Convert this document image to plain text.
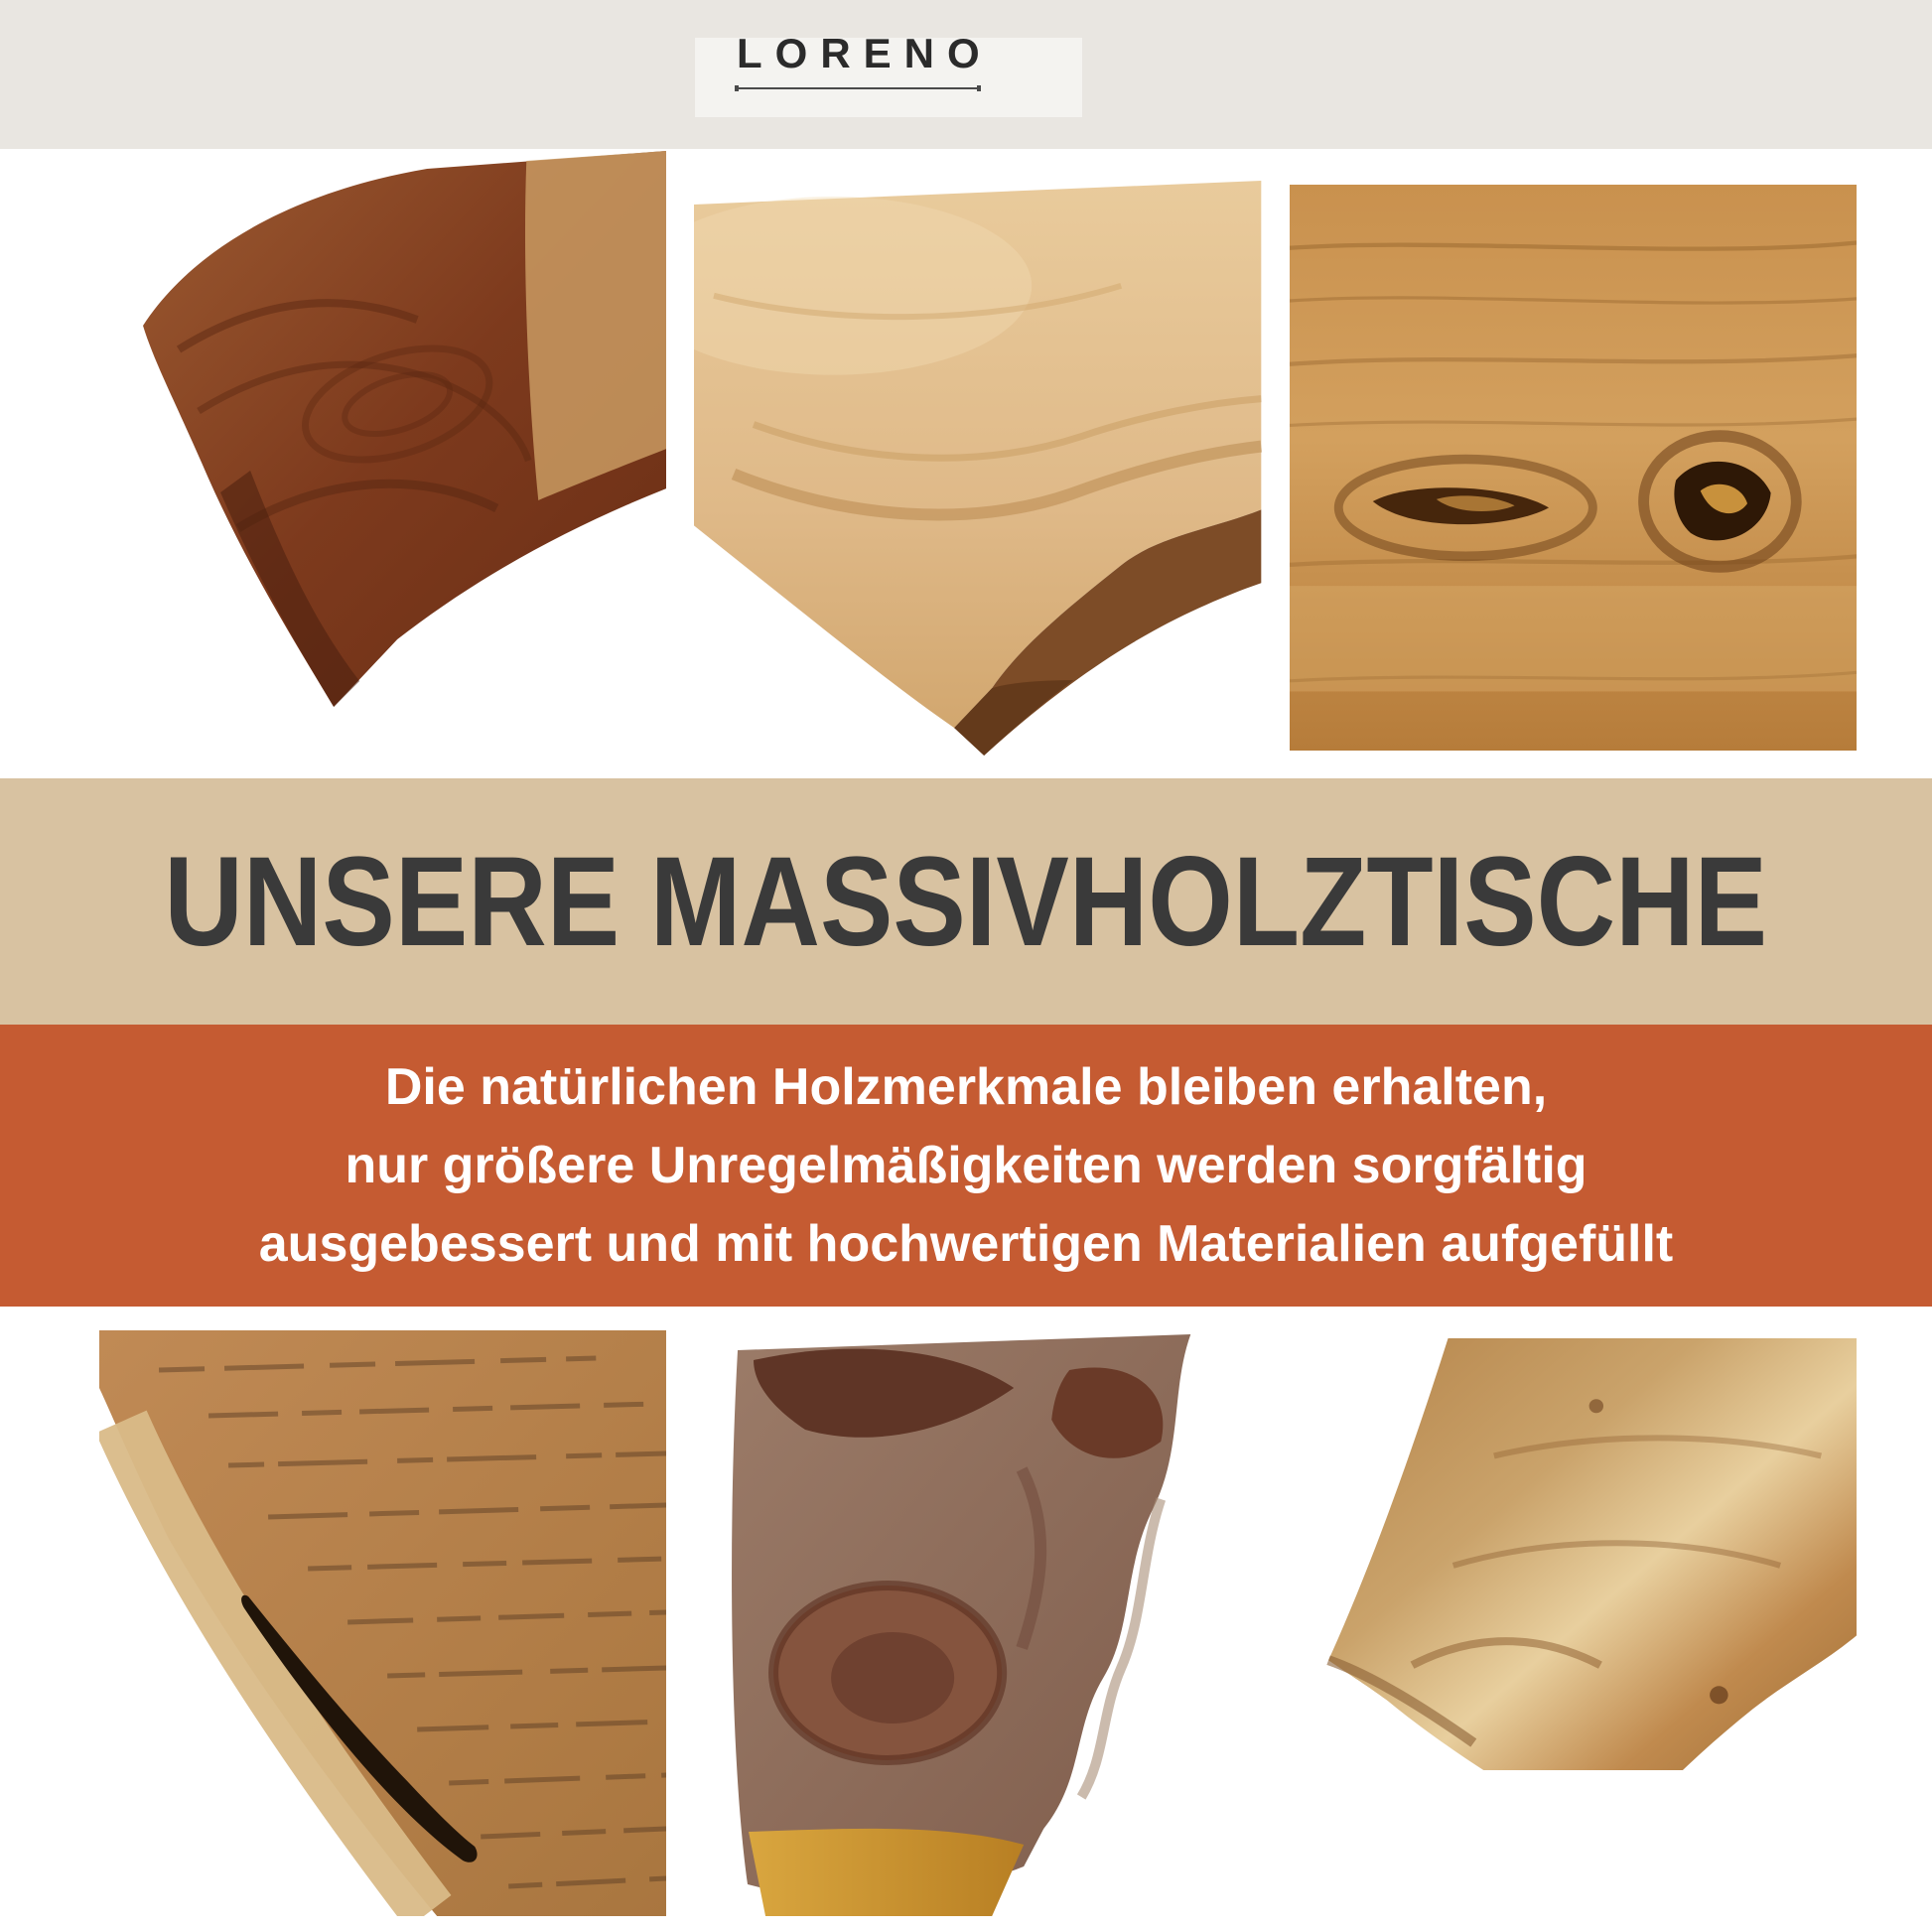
LORENO
UNSERE MASSIVHOLZTISCHE

Die natürlichen Holzmerkmale bleiben erhalten,

nur größere Unregelmäßigkeiten werden sorgfältig

ausgebessert und mit hochwertigen Materialien aufgefüllt
